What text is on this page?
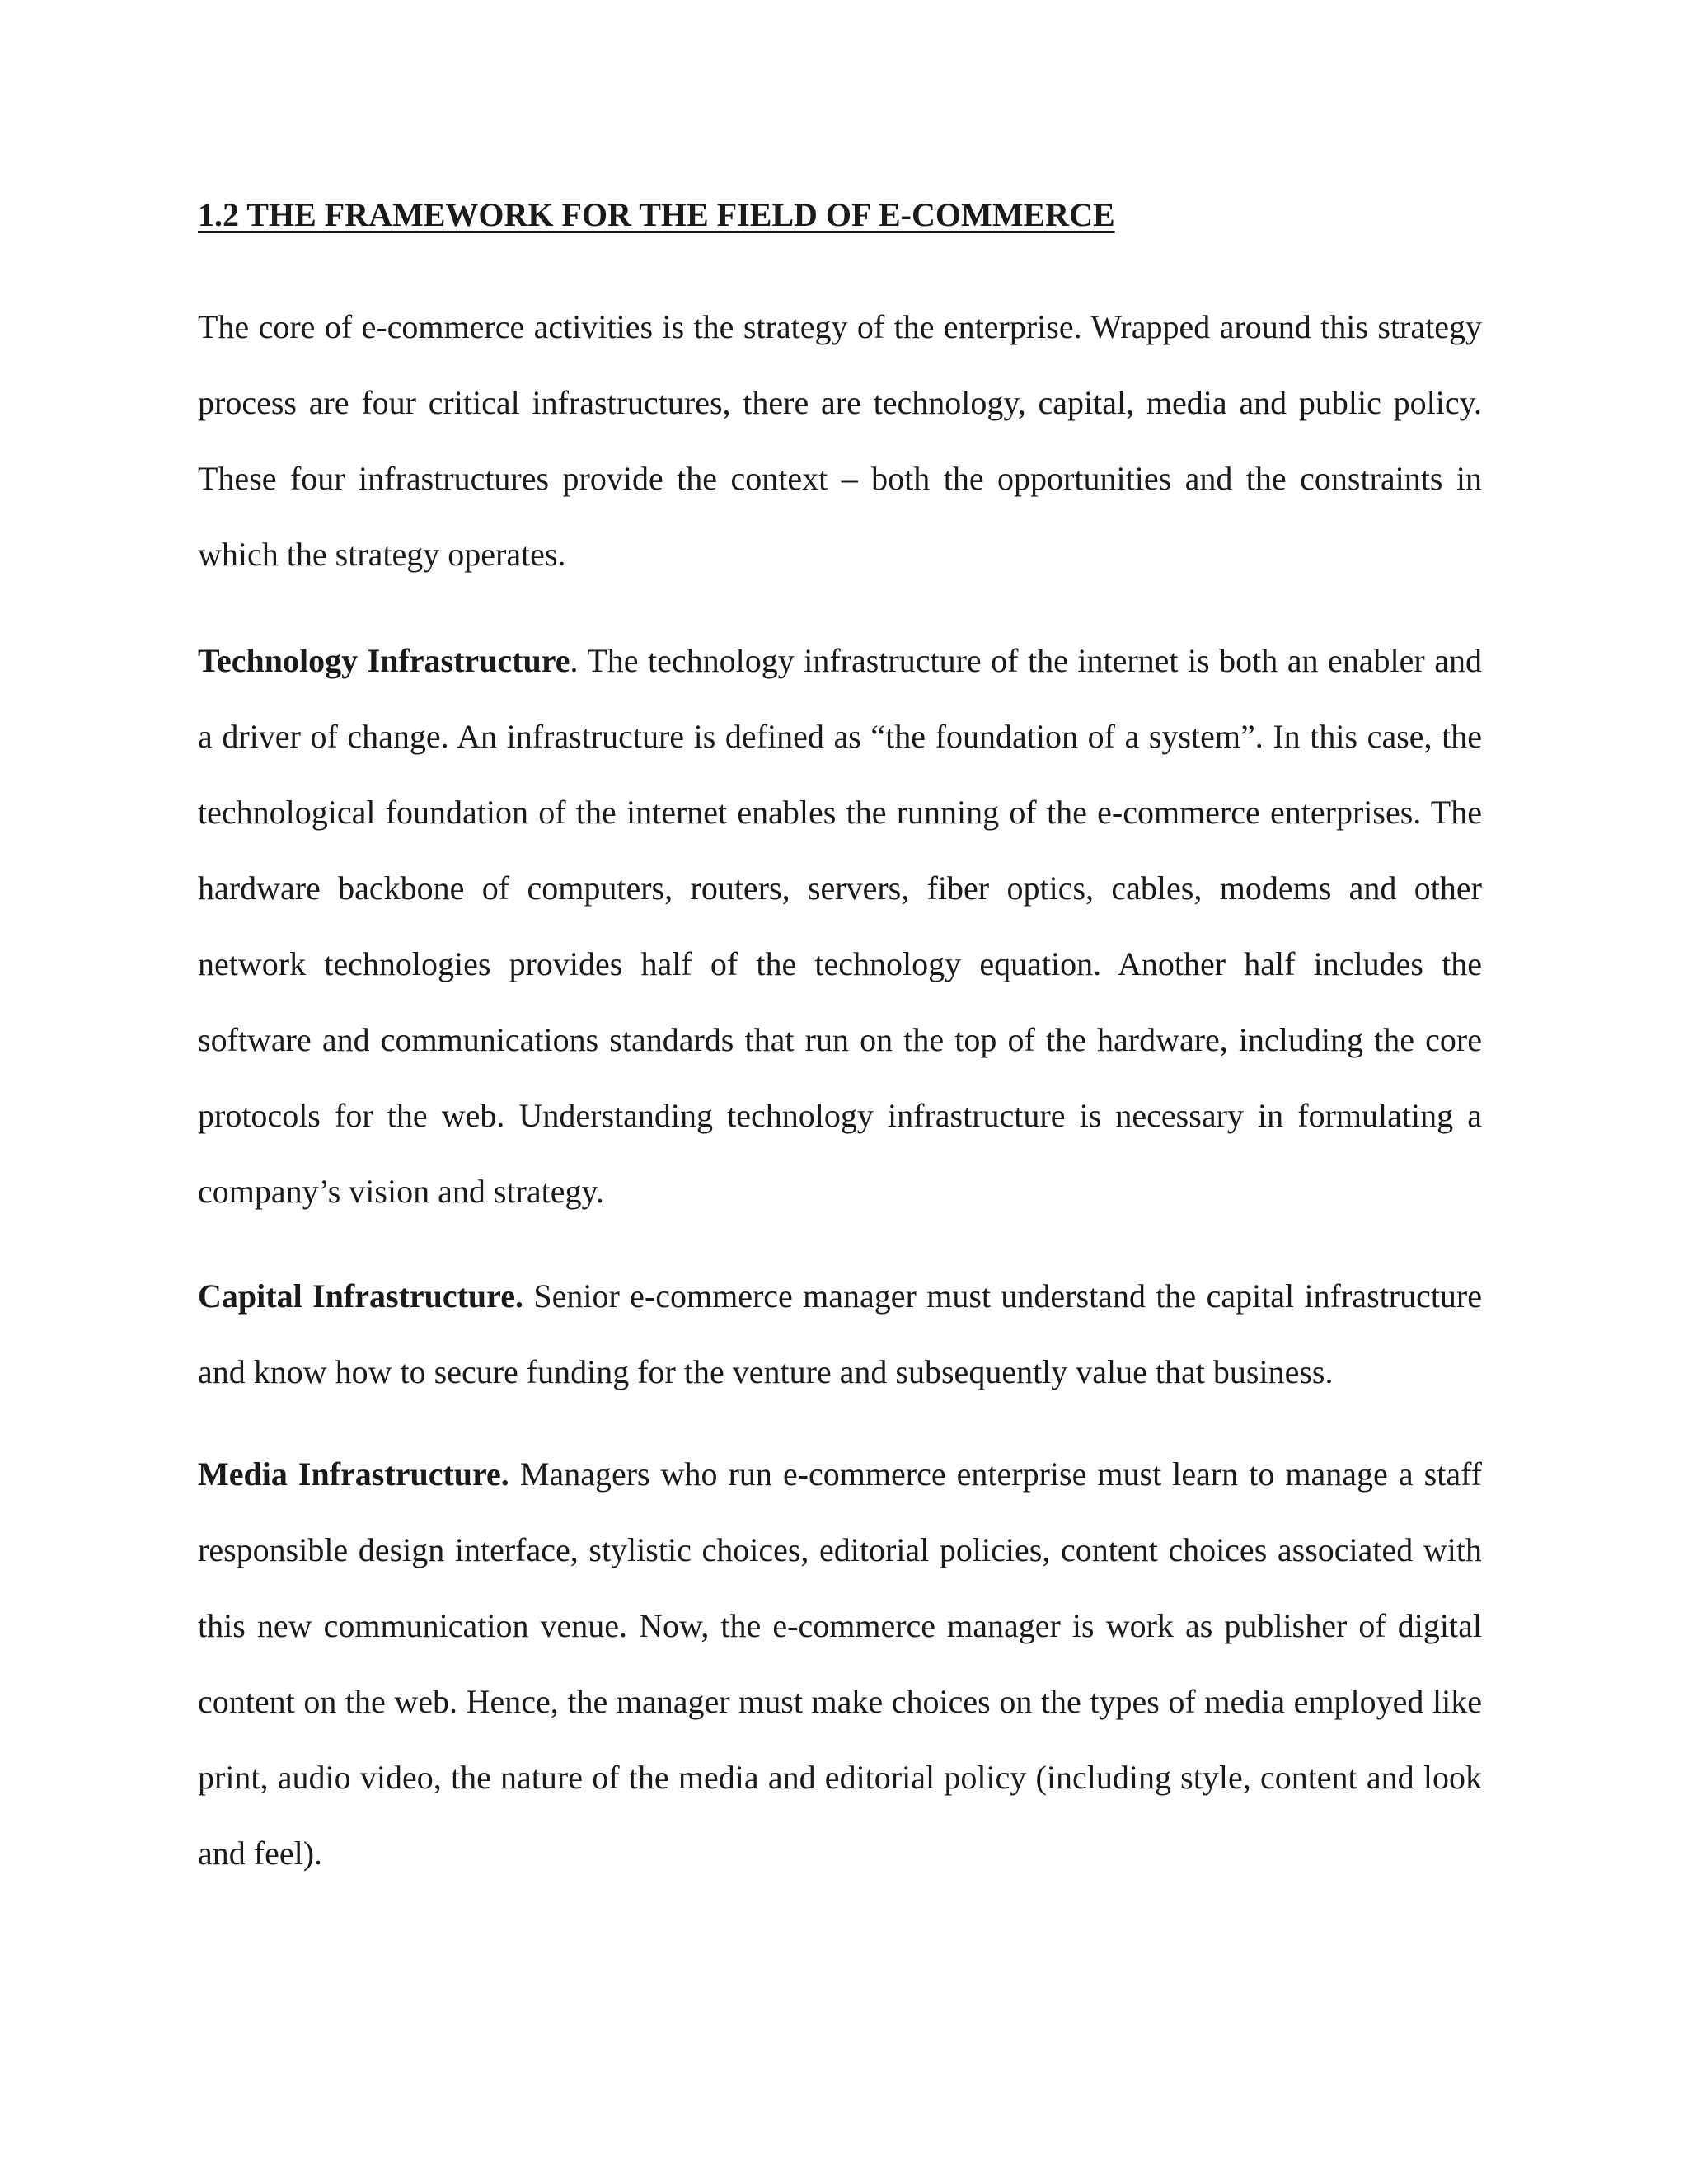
1.2 THE FRAMEWORK FOR THE FIELD OF E-COMMERCE

The core of e-commerce activities is the strategy of the enterprise. Wrapped around this strategy process are four critical infrastructures, there are technology, capital, media and public policy. These four infrastructures provide the context – both the opportunities and the constraints in which the strategy operates.

Technology Infrastructure. The technology infrastructure of the internet is both an enabler and a driver of change. An infrastructure is defined as “the foundation of a system”. In this case, the technological foundation of the internet enables the running of the e-commerce enterprises. The hardware backbone of computers, routers, servers, fiber optics, cables, modems and other network technologies provides half of the technology equation. Another half includes the software and communications standards that run on the top of the hardware, including the core protocols for the web. Understanding technology infrastructure is necessary in formulating a company’s vision and strategy.

Capital Infrastructure. Senior e-commerce manager must understand the capital infrastructure and know how to secure funding for the venture and subsequently value that business.

Media Infrastructure. Managers who run e-commerce enterprise must learn to manage a staff responsible design interface, stylistic choices, editorial policies, content choices associated with this new communication venue. Now, the e-commerce manager is work as publisher of digital content on the web. Hence, the manager must make choices on the types of media employed like print, audio video, the nature of the media and editorial policy (including style, content and look and feel).
